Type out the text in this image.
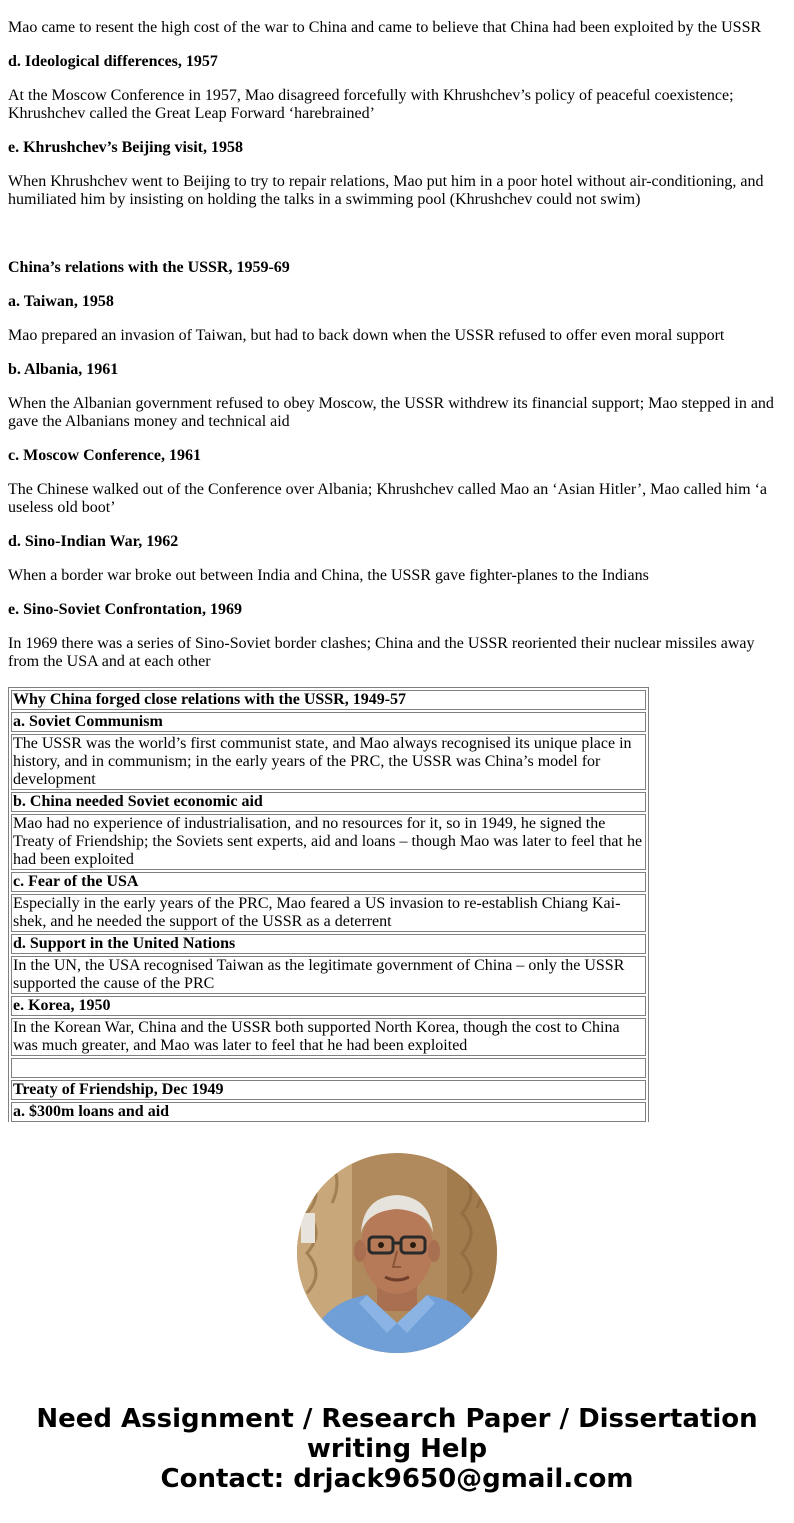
Mao came to resent the high cost of the war to China and came to believe that China had been exploited by the USSR

d. Ideological differences, 1957

At the Moscow Conference in 1957, Mao disagreed forcefully with Khrushchev’s policy of peaceful coexistence; Khrushchev called the Great Leap Forward ‘harebrained’

e. Khrushchev’s Beijing visit, 1958

When Khrushchev went to Beijing to try to repair relations, Mao put him in a poor hotel without air-conditioning, and humiliated him by insisting on holding the talks in a swimming pool (Khrushchev could not swim)

China’s relations with the USSR, 1959-69

a. Taiwan, 1958

Mao prepared an invasion of Taiwan, but had to back down when the USSR refused to offer even moral support

b. Albania, 1961

When the Albanian government refused to obey Moscow, the USSR withdrew its financial support; Mao stepped in and gave the Albanians money and technical aid

c. Moscow Conference, 1961

The Chinese walked out of the Conference over Albania; Khrushchev called Mao an ‘Asian Hitler’, Mao called him ‘a useless old boot’

d. Sino-Indian War, 1962

When a border war broke out between India and China, the USSR gave fighter-planes to the Indians

e. Sino-Soviet Confrontation, 1969

In 1969 there was a series of Sino-Soviet border clashes; China and the USSR reoriented their nuclear missiles away from the USA and at each other

Why China forged close relations with the USSR, 1949-57
a. Soviet Communism
The USSR was the world’s first communist state, and Mao always recognised its unique place in history, and in communism; in the early years of the PRC, the USSR was China’s model for development
b. China needed Soviet economic aid
Mao had no experience of industrialisation, and no resources for it, so in 1949, he signed the Treaty of Friendship; the Soviets sent experts, aid and loans – though Mao was later to feel that he had been exploited
c. Fear of the USA
Especially in the early years of the PRC, Mao feared a US invasion to re-establish Chiang Kai-shek, and he needed the support of the USSR as a deterrent
d. Support in the United Nations
In the UN, the USA recognised Taiwan as the legitimate government of China – only the USSR supported the cause of the PRC
e. Korea, 1950
In the Korean War, China and the USSR both supported North Korea, though the cost to China was much greater, and Mao was later to feel that he had been exploited

Treaty of Friendship, Dec 1949
a. $300m loans and aid
Need Assignment / Research Paper / Dissertation
writing Help
Contact: drjack9650@gmail.com
